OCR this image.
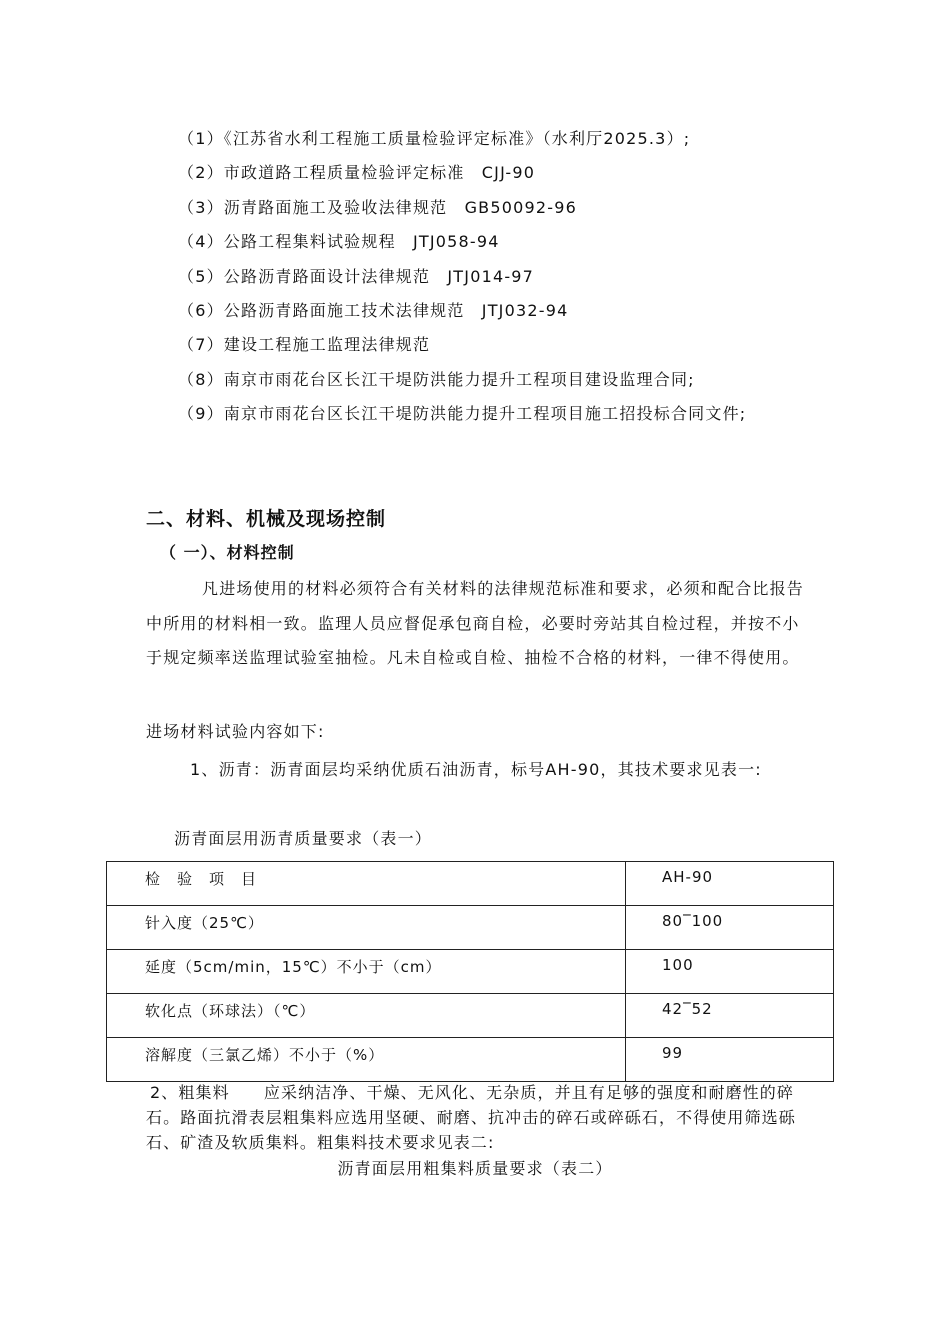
（1）《江苏省水利工程施工质量检验评定标准》（水利厅2025.3）;
（2）市政道路工程质量检验评定标准　CJJ-90
（3）沥青路面施工及验收法律规范　GB50092-96
（4）公路工程集料试验规程　JTJ058-94
（5）公路沥青路面设计法律规范　JTJ014-97
（6）公路沥青路面施工技术法律规范　JTJ032-94
（7）建设工程施工监理法律规范
（8）南京市雨花台区长江干堤防洪能力提升工程项目建设监理合同;
（9）南京市雨花台区长江干堤防洪能力提升工程项目施工招投标合同文件;
二、材料、机械及现场控制
（ 一）、材料控制

凡进场使用的材料必须符合有关材料的法律规范标准和要求，必须和配合比报告中所用的材料相一致。监理人员应督促承包商自检，必要时旁站其自检过程，并按不小于规定频率送监理试验室抽检。凡未自检或自检、抽检不合格的材料，一律不得使用。

进场材料试验内容如下:

1、沥青：沥青面层均采纳优质石油沥青，标号AH-90，其技术要求见表一:

沥青面层用沥青质量要求（表一）

检　验　项　目	AH-90
针入度（25℃）	80‾100
延度（5cm/min，15℃）不小于（cm）	100
软化点（环球法）（℃）	42‾52
溶解度（三氯乙烯）不小于（%）	99

2、粗集料　　应采纳洁净、干燥、无风化、无杂质，并且有足够的强度和耐磨性的碎石。路面抗滑表层粗集料应选用坚硬、耐磨、抗冲击的碎石或碎砾石，不得使用筛选砾石、矿渣及软质集料。粗集料技术要求见表二:

沥青面层用粗集料质量要求（表二）
